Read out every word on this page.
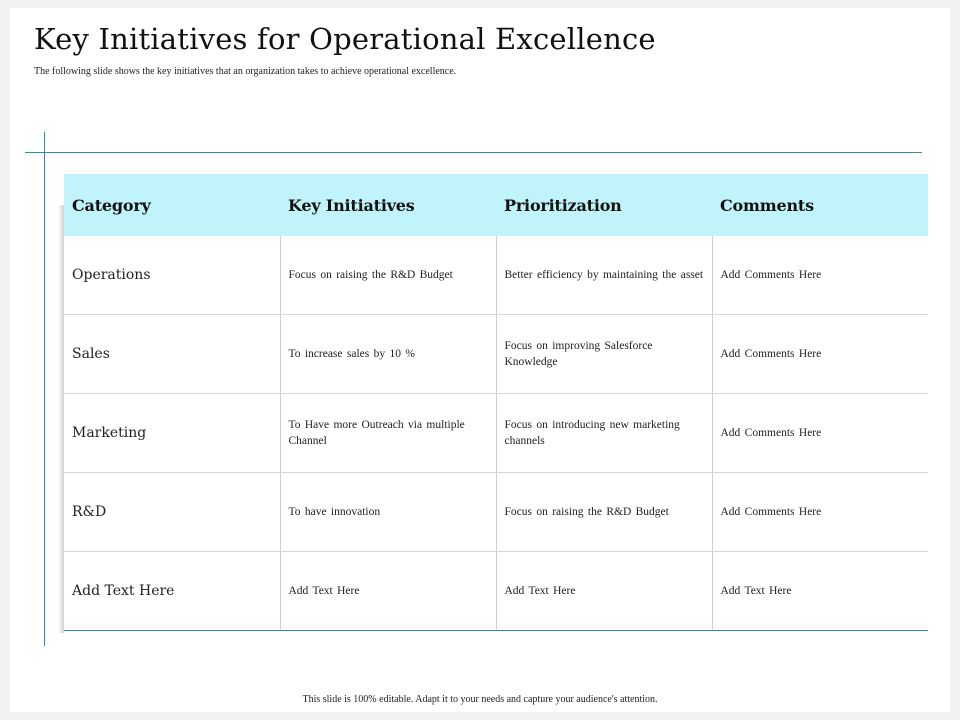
Key Initiatives for Operational Excellence

The following slide shows the key initiatives that an organization takes to achieve operational excellence.

Category	Key Initiatives	Prioritization	Comments
Operations	Focus on raising the R&D Budget	Better efficiency by maintaining the asset	Add Comments Here
Sales	To increase sales by 10 %	Focus on improving Salesforce Knowledge	Add Comments Here
Marketing	To Have more Outreach via multiple Channel	Focus on introducing new marketing channels	Add Comments Here
R&D	To have innovation	Focus on raising the R&D Budget	Add Comments Here
Add Text Here	Add Text Here	Add Text Here	Add Text Here

This slide is 100% editable. Adapt it to your needs and capture your audience's attention.
